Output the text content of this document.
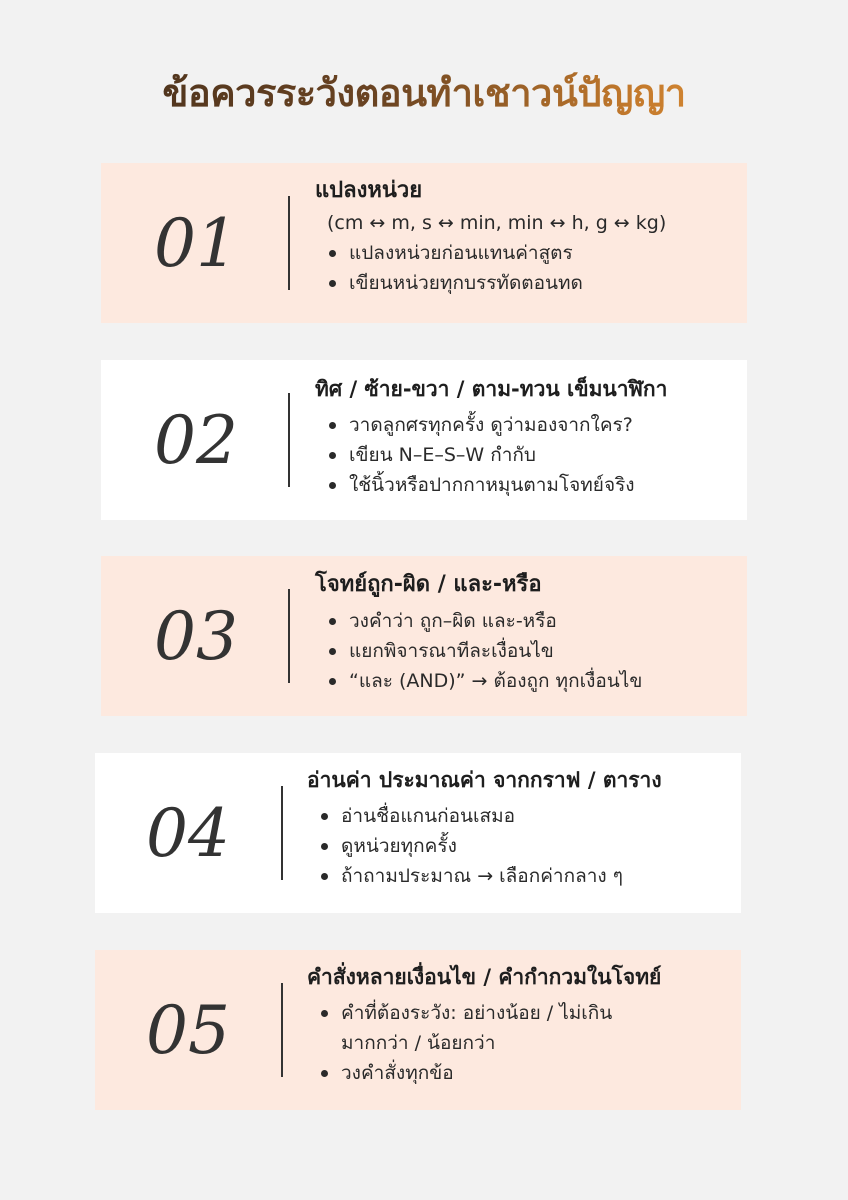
ข้อควรระวังตอนทำเชาวน์ปัญญา
01
แปลงหน่วย
(cm ↔ m, s ↔ min, min ↔ h, g ↔ kg)
แปลงหน่วยก่อนแทนค่าสูตร
เขียนหน่วยทุกบรรทัดตอนทด
02
ทิศ / ซ้าย-ขวา / ตาม-ทวน เข็มนาฬิกา
วาดลูกศรทุกครั้ง ดูว่ามองจากใคร?
เขียน N–E–S–W กำกับ
ใช้นิ้วหรือปากกาหมุนตามโจทย์จริง
03
โจทย์ถูก-ผิด / และ-หรือ
วงคำว่า ถูก–ผิด และ-หรือ
แยกพิจารณาทีละเงื่อนไข
“และ (AND)” → ต้องถูก ทุกเงื่อนไข
04
อ่านค่า ประมาณค่า จากกราฟ / ตาราง
อ่านชื่อแกนก่อนเสมอ
ดูหน่วยทุกครั้ง
ถ้าถามประมาณ → เลือกค่ากลาง ๆ
05
คำสั่งหลายเงื่อนไข / คำกำกวมในโจทย์
คำที่ต้องระวัง: อย่างน้อย / ไม่เกิน
มากกว่า / น้อยกว่า
วงคำสั่งทุกข้อ
